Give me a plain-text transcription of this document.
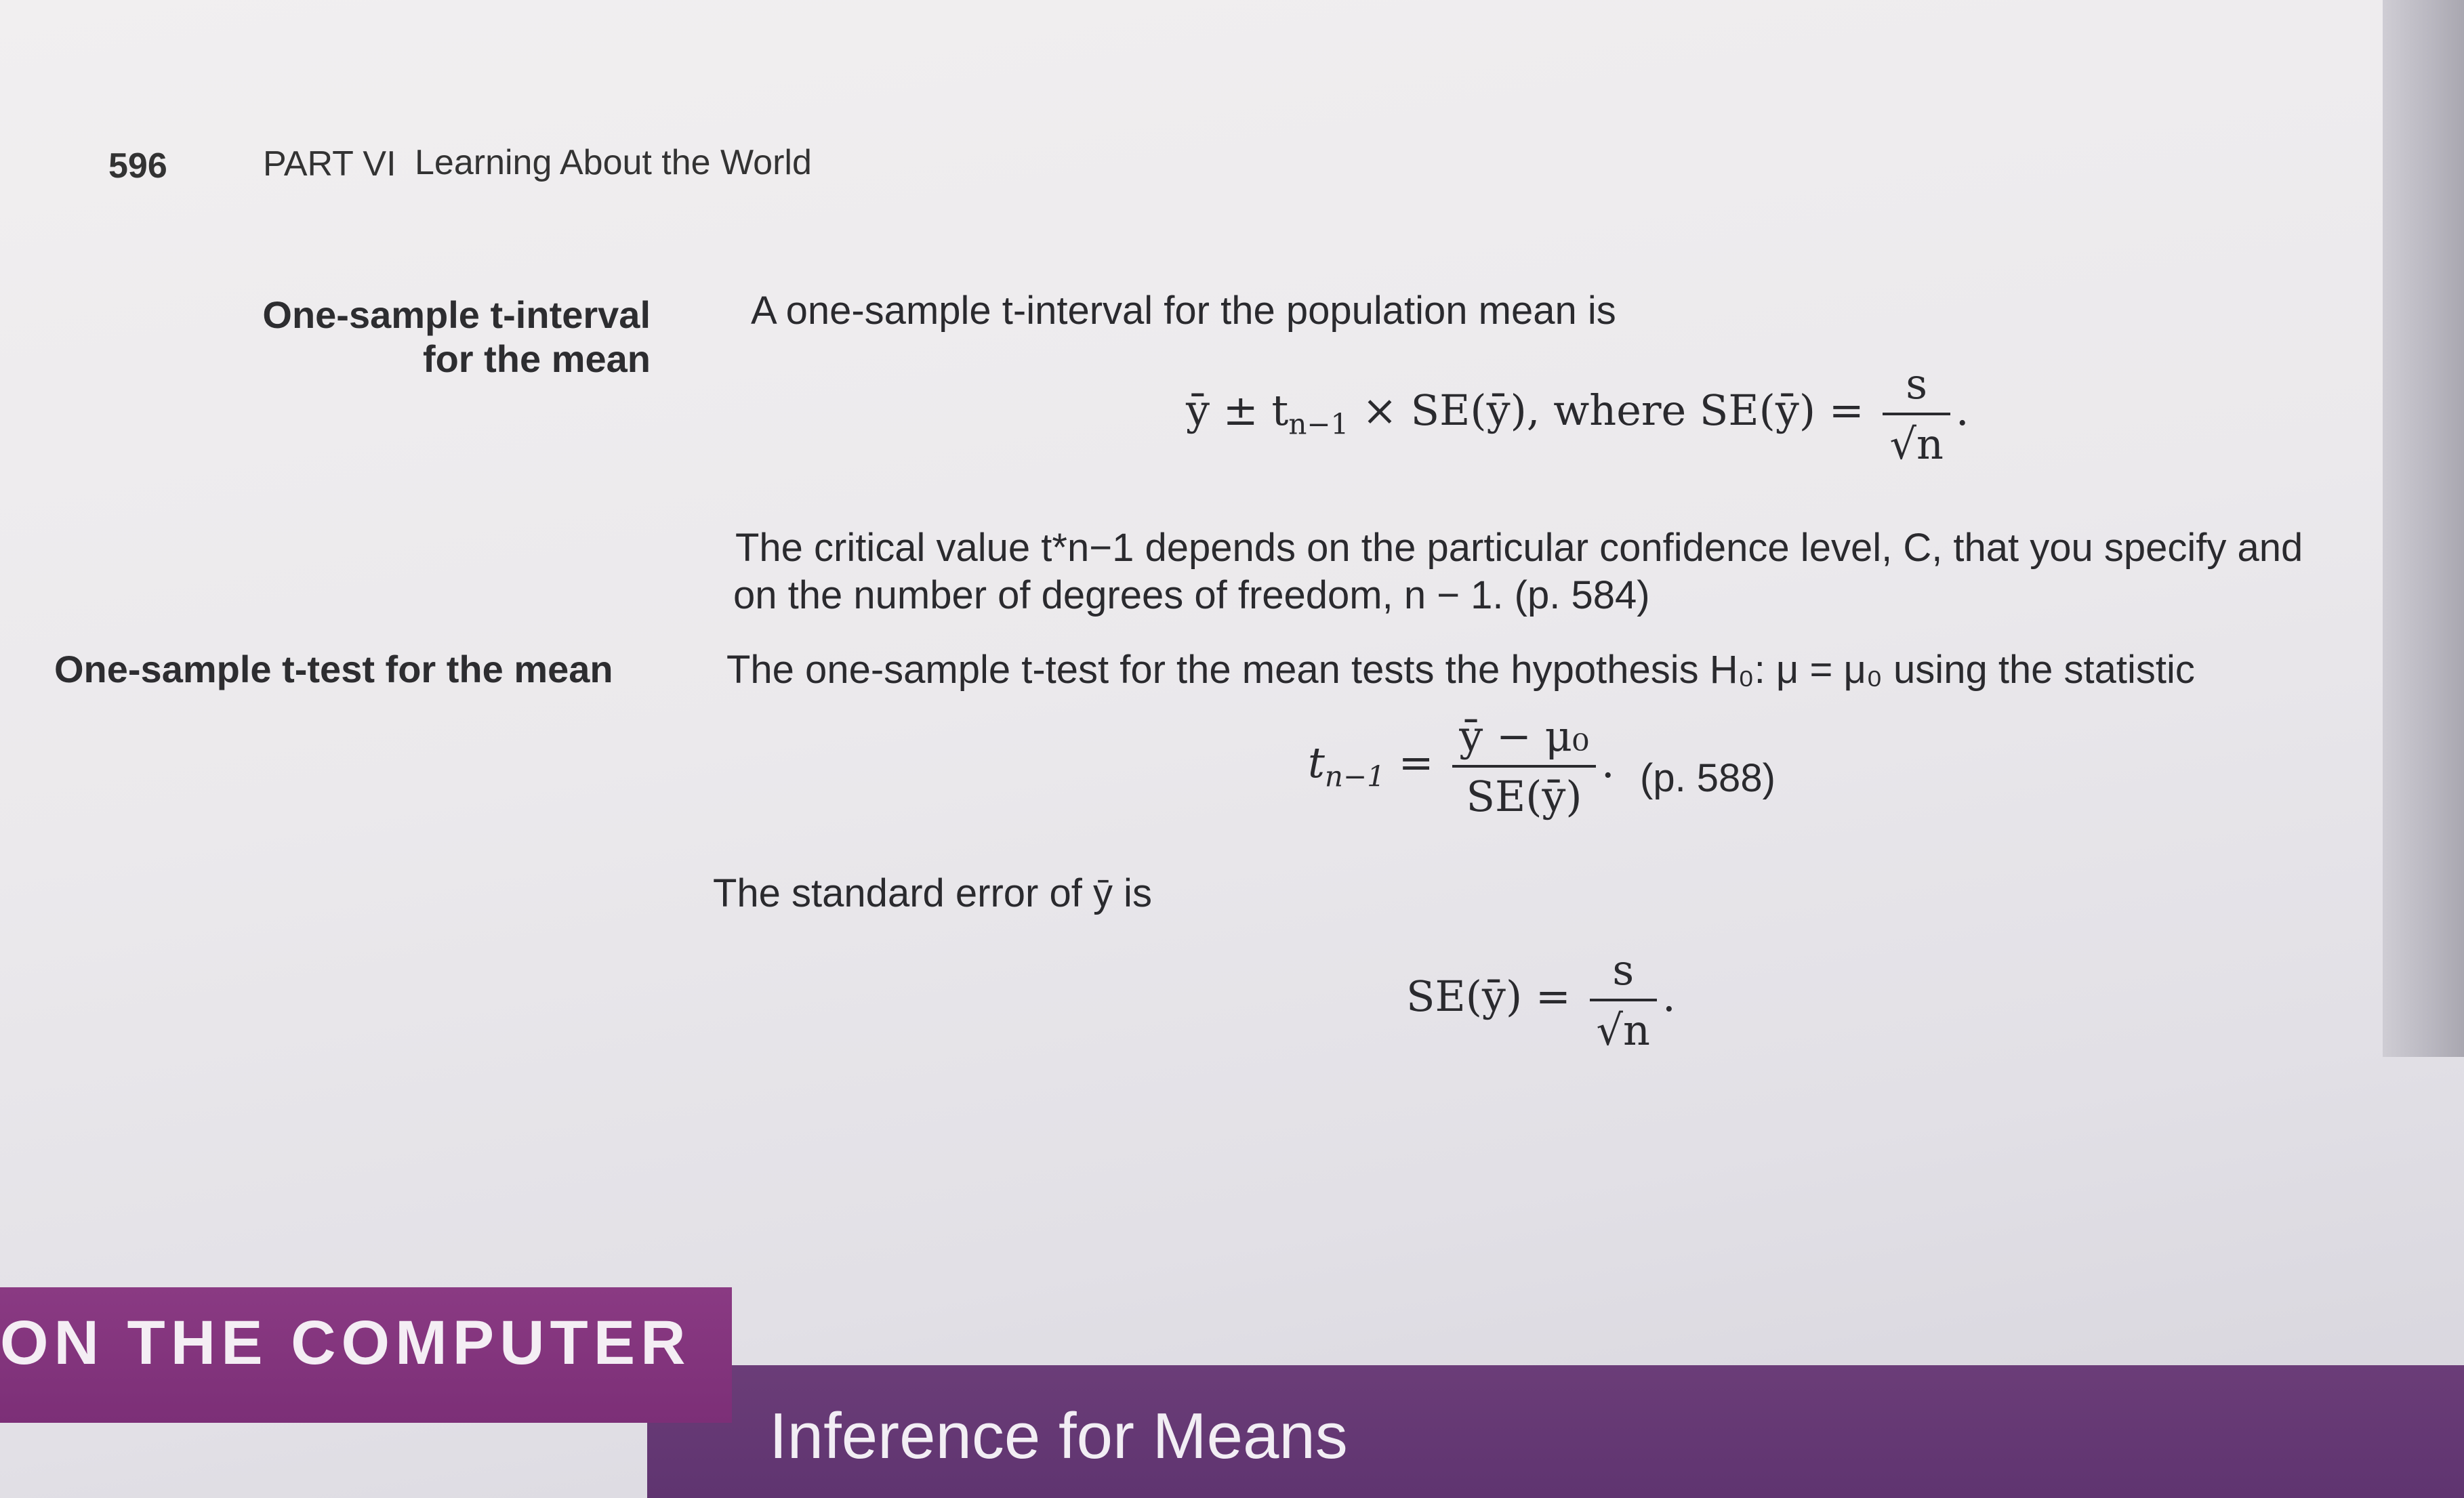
596	PART VI Learning About the World
One-sample t-interval
for the mean
A one-sample t-interval for the population mean is
ȳ ± $t_{n-1}$ × SE(ȳ), where SE(ȳ) = $\frac{s}{√n}$ .
The critical value t*n−1 depends on the particular confidence level, C, that you specify and
on the number of degrees of freedom, n − 1. (p. 584)
One-sample t-test for the mean	The one-sample t-test for the mean tests the hypothesis H₀: μ = μ₀ using the statistic
$t_{n-1} = \frac{\text{ȳ − μ₀}}{SE(ȳ)}$ . (p. 588)
The standard error of ȳ is
SE(ȳ) = $\frac{s}{√n}$ .
Inference for Means
ON THE COMPUTER
